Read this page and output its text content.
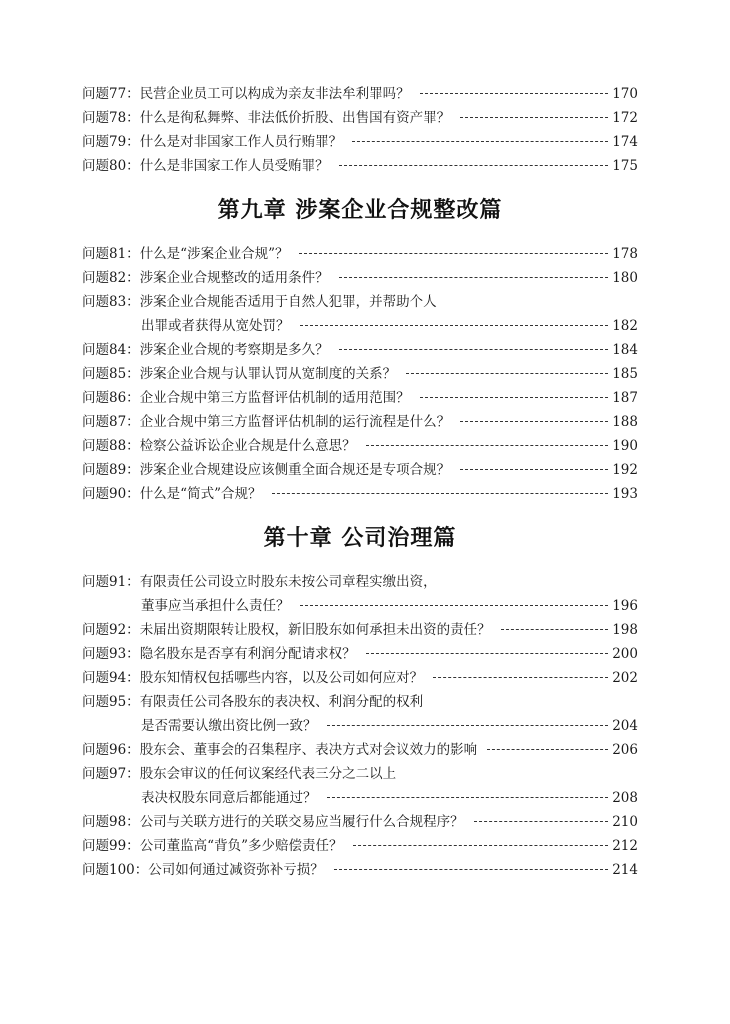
问题77： 民营企业员工可以构成为亲友非法牟利罪吗？	170
问题78： 什么是徇私舞弊、非法低价折股、出售国有资产罪？	172
问题79： 什么是对非国家工作人员行贿罪？	174
问题80： 什么是非国家工作人员受贿罪？	175
第九章 涉案企业合规整改篇
问题81： 什么是“涉案企业合规”？	178
问题82： 涉案企业合规整改的适用条件？	180
问题83： 涉案企业合规能否适用于自然人犯罪，并帮助个人
出罪或者获得从宽处罚？	182
问题84： 涉案企业合规的考察期是多久？	184
问题85： 涉案企业合规与认罪认罚从宽制度的关系？	185
问题86： 企业合规中第三方监督评估机制的适用范围？	187
问题87： 企业合规中第三方监督评估机制的运行流程是什么？	188
问题88： 检察公益诉讼企业合规是什么意思？	190
问题89： 涉案企业合规建设应该侧重全面合规还是专项合规？	192
问题90： 什么是“简式”合规？	193
第十章 公司治理篇
问题91： 有限责任公司设立时股东未按公司章程实缴出资，
董事应当承担什么责任？	196
问题92： 未届出资期限转让股权，新旧股东如何承担未出资的责任？	198
问题93： 隐名股东是否享有利润分配请求权？	200
问题94： 股东知情权包括哪些内容，以及公司如何应对？	202
问题95： 有限责任公司各股东的表决权、利润分配的权利
是否需要认缴出资比例一致？	204
问题96： 股东会、董事会的召集程序、表决方式对会议效力的影响	206
问题97： 股东会审议的任何议案经代表三分之二以上
表决权股东同意后都能通过？	208
问题98： 公司与关联方进行的关联交易应当履行什么合规程序？	210
问题99： 公司董监高“背负”多少赔偿责任？	212
问题100： 公司如何通过减资弥补亏损？	214
